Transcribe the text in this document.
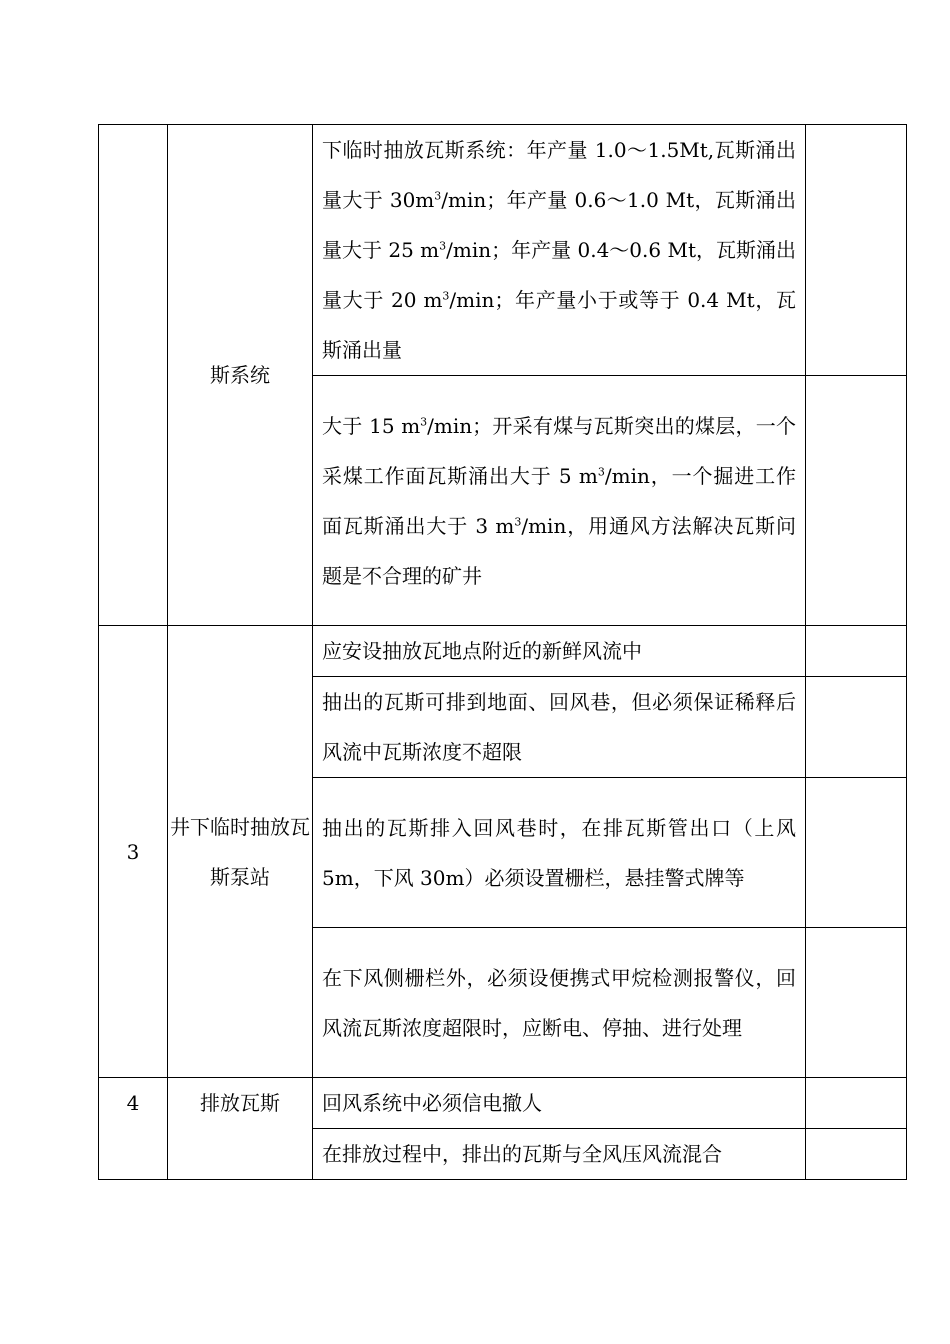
	斯系统	下临时抽放瓦斯系统：年产量 1.0～1.5Mt,瓦斯涌出量大于 $30m^3/\min$；年产量 0.6～1.0 Mt，瓦斯涌出量大于 25 $m^3/\min$；年产量 0.4～0.6 Mt，瓦斯涌出量大于 20 $m^3/\min$；年产量小于或等于 0.4 Mt，瓦斯涌出量	
		大于 15 $m^3/\min$；开采有煤与瓦斯突出的煤层，一个采煤工作面瓦斯涌出大于 5 $m^3/\min$，一个掘进工作面瓦斯涌出大于 3 $m^3/\min$，用通风方法解决瓦斯问题是不合理的矿井	
3	井下临时抽放瓦斯泵站	应安设抽放瓦地点附近的新鲜风流中	
		抽出的瓦斯可排到地面、回风巷，但必须保证稀释后风流中瓦斯浓度不超限	
		抽出的瓦斯排入回风巷时，在排瓦斯管出口（上风 5m，下风 30m）必须设置栅栏，悬挂警式牌等	
		在下风侧栅栏外，必须设便携式甲烷检测报警仪，回风流瓦斯浓度超限时，应断电、停抽、进行处理	
4	排放瓦斯	回风系统中必须信电撤人	
		在排放过程中，排出的瓦斯与全风压风流混合	
